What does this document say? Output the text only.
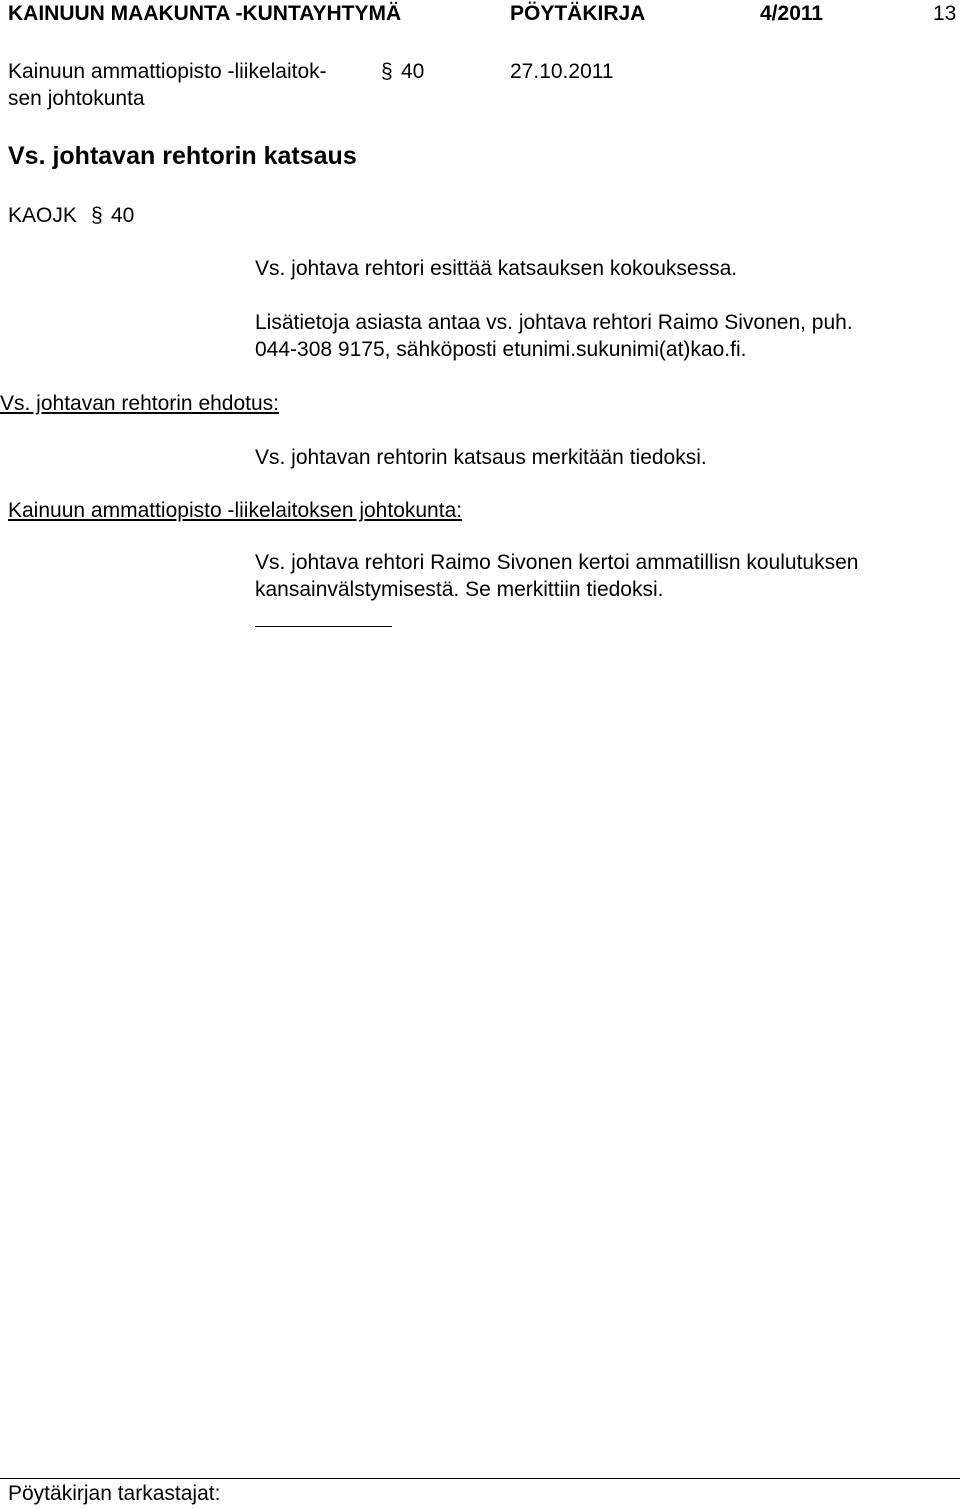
KAINUUN MAAKUNTA -KUNTAYHTYMÄ	PÖYTÄKIRJA	4/2011	13
Kainuun ammattiopisto -liikelaitok-
sen johtokunta
§ 40	27.10.2011
Vs. johtavan rehtorin katsaus
KAOJK § 40
Vs. johtava rehtori esittää katsauksen kokouksessa.
Lisätietoja asiasta antaa vs. johtava rehtori Raimo Sivonen, puh.
044-308 9175, sähköposti etunimi.sukunimi(at)kao.fi.
Vs. johtavan rehtorin ehdotus:
Vs. johtavan rehtorin katsaus merkitään tiedoksi.
Kainuun ammattiopisto -liikelaitoksen johtokunta:
Vs. johtava rehtori Raimo Sivonen kertoi ammatillisn koulutuksen
kansainvälstymisestä. Se merkittiin tiedoksi.
Pöytäkirjan tarkastajat:
